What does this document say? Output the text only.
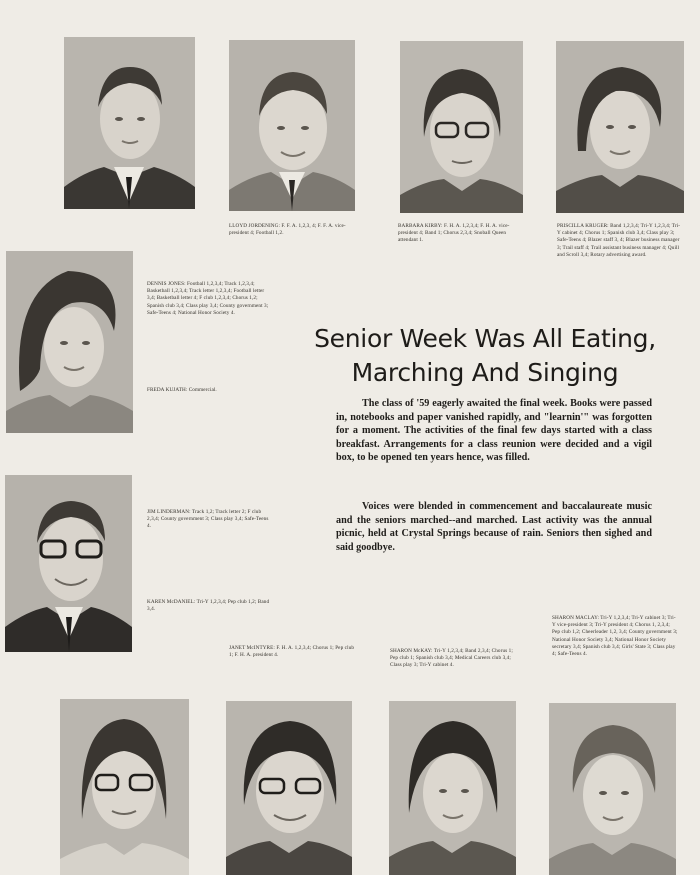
LLOYD JORDENING: F. F. A. 1,2,3, 4; F. F. A. vice-president 4; Football 1,2.

BARBARA KIRBY: F. H. A. 1,2,3,4; F. H. A. vice-president 4; Band 1; Chorus 2,3,4; Snoball Queen attendant 1.

PRISCILLA KRUGER: Band 1,2,3,4; Tri-Y 1,2,3,4; Tri-Y cabinet 4; Chorus 1; Spanish club 3,4; Class play 3; Safe-Teens 4; Blazer staff 3, 4; Blazer business manager 3; Trail staff 4; Trail assistant business manager 4; Quill and Scroll 3,4; Rotary advertising award.

DENNIS JONES: Football 1,2,3,4; Track 1,2,3,4; Basketball 1,2,3,4; Track letter 1,2,3,4; Football letter 3,4; Basketball letter 4; F club 1,2,3,4; Chorus 1,2; Spanish club 3,4; Class play 3,4; County government 3; Safe-Teens 4; National Honor Society 4.

FREDA KUJATH: Commercial.

JIM LINDERMAN: Track 1,2; Track letter 2; F club 2,3,4; County government 3; Class play 3,4; Safe-Teens 4.

KAREN McDANIEL: Tri-Y 1,2,3,4; Pep club 1,2; Band 3,4.

Senior Week Was All Eating,
Marching And Singing

The class of '59 eagerly awaited the final week. Books were passed in, notebooks and paper vanished rapidly, and "learnin'" was forgotten for a moment. The activities of the final few days started with a class breakfast. Arrangements for a class reunion were decided and a vigil box, to be opened ten years hence, was filled.

Voices were blended in commencement and baccalaureate music and the seniors marched--and marched. Last activity was the annual picnic, held at Crystal Springs because of rain. Seniors then sighed and said goodbye.

JANET McINTYRE: F. H. A. 1,2,3,4; Chorus 1; Pep club 1; F. H. A. president 4.

SHARON McKAY: Tri-Y 1,2,3,4; Band 2,3,4; Chorus 1; Pep club 1; Spanish club 3,4; Medical Careers club 3,4; Class play 3; Tri-Y cabinet 4.

SHARON MACLAY: Tri-Y 1,2,3,4; Tri-Y cabinet 3; Tri-Y vice-president 3; Tri-Y president 4; Chorus 1, 2,3,4; Pep club 1,2; Cheerleader 1,2, 3,4; County government 3; National Honor Society 3,4; National Honor Society secretary 3,4; Spanish club 3,4; Girls' State 3; Class play 4; Safe-Teens 4.
